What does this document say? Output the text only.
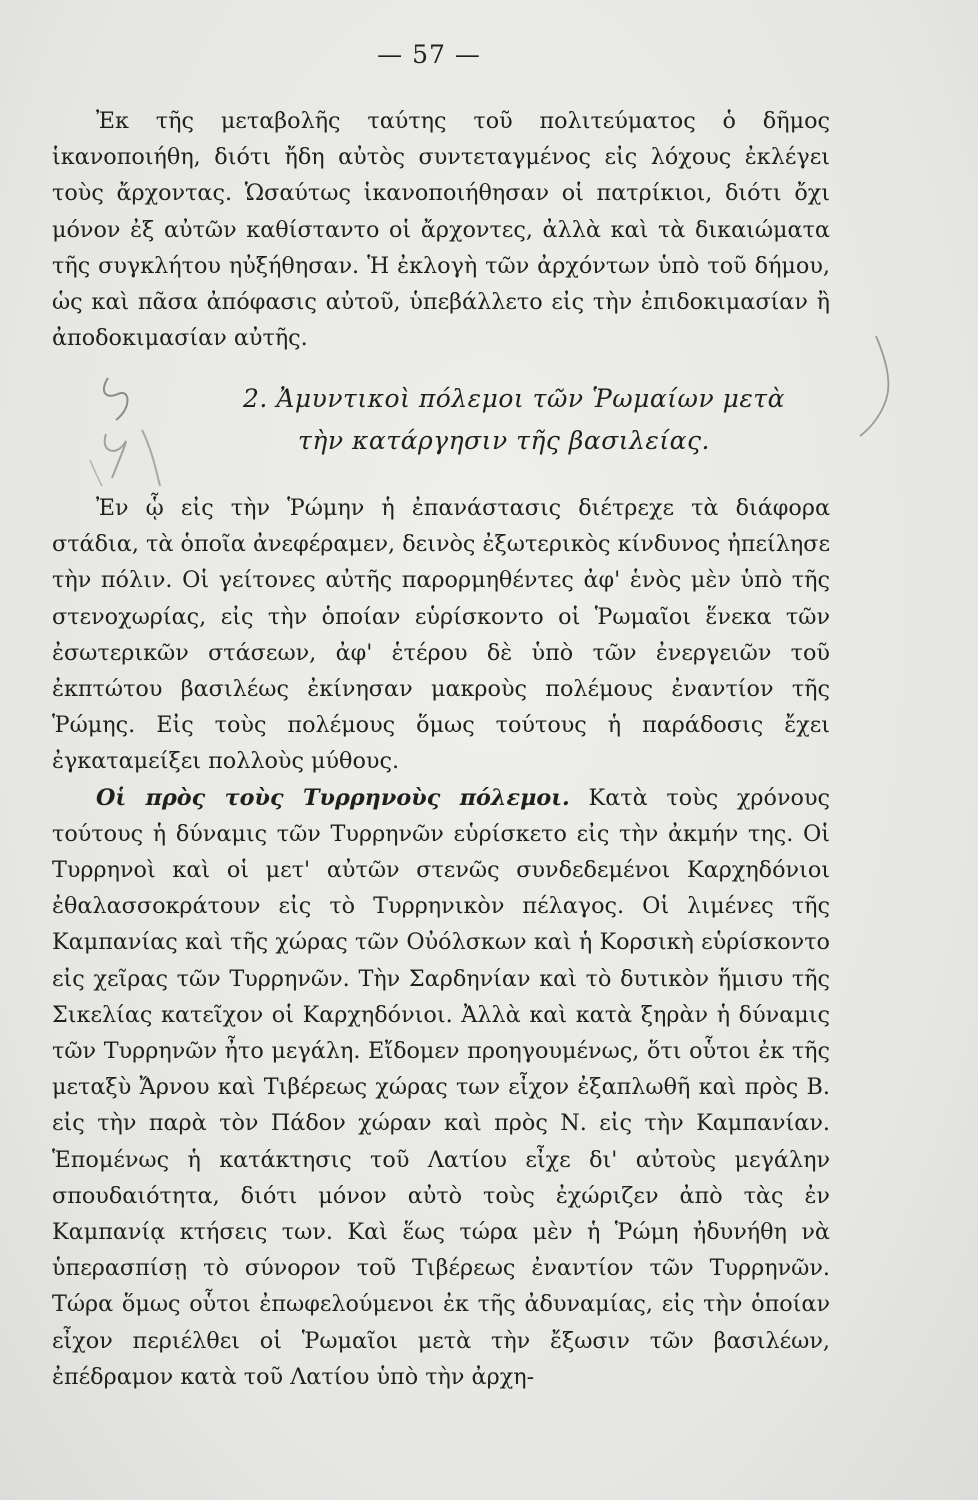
— 57 —

Ἐκ τῆς μεταβολῆς ταύτης τοῦ πολιτεύματος ὁ δῆμος ἱκανοποιήθη, διότι ἤδη αὐτὸς συντεταγμένος εἰς λόχους ἐκλέγει τοὺς ἄρχοντας. Ὡσαύτως ἱκανοποιήθησαν οἱ πατρίκιοι, διότι ὄχι μόνον ἐξ αὐτῶν καθίσταντο οἱ ἄρχοντες, ἀλλὰ καὶ τὰ δικαιώματα τῆς συγκλήτου ηὐξήθησαν. Ἡ ἐκλογὴ τῶν ἀρχόντων ὑπὸ τοῦ δήμου, ὡς καὶ πᾶσα ἀπόφασις αὐτοῦ, ὑπεβάλλετο εἰς τὴν ἐπιδοκιμασίαν ἢ ἀποδοκιμασίαν αὐτῆς.

2. Ἀμυντικοὶ πόλεμοι τῶν Ῥωμαίων μετὰ
τὴν κατάργησιν τῆς βασιλείας.

Ἐν ᾧ εἰς τὴν Ῥώμην ἡ ἐπανάστασις διέτρεχε τὰ διάφορα στάδια, τὰ ὁποῖα ἀνεφέραμεν, δεινὸς ἐξωτερικὸς κίνδυνος ἠπείλησε τὴν πόλιν. Οἱ γείτονες αὐτῆς παρορμηθέντες ἀφ' ἑνὸς μὲν ὑπὸ τῆς στενοχωρίας, εἰς τὴν ὁποίαν εὑρίσκοντο οἱ Ῥωμαῖοι ἕνεκα τῶν ἐσωτερικῶν στάσεων, ἀφ' ἑτέρου δὲ ὑπὸ τῶν ἐνεργειῶν τοῦ ἐκπτώτου βασιλέως ἐκίνησαν μακροὺς πολέμους ἐναντίον τῆς Ῥώμης. Εἰς τοὺς πολέμους ὅμως τούτους ἡ παράδοσις ἔχει ἐγκαταμείξει πολλοὺς μύθους.

Οἱ πρὸς τοὺς Τυρρηνοὺς πόλεμοι. Κατὰ τοὺς χρόνους τούτους ἡ δύναμις τῶν Τυρρηνῶν εὑρίσκετο εἰς τὴν ἀκμήν της. Οἱ Τυρρηνοὶ καὶ οἱ μετ' αὐτῶν στενῶς συνδεδεμένοι Καρχηδόνιοι ἐθαλασσοκράτουν εἰς τὸ Τυρρηνικὸν πέλαγος. Οἱ λιμένες τῆς Καμπανίας καὶ τῆς χώρας τῶν Οὐόλσκων καὶ ἡ Κορσικὴ εὑρίσκοντο εἰς χεῖρας τῶν Τυρρηνῶν. Τὴν Σαρδηνίαν καὶ τὸ δυτικὸν ἥμισυ τῆς Σικελίας κατεῖχον οἱ Καρχηδόνιοι. Ἀλλὰ καὶ κατὰ ξηρὰν ἡ δύναμις τῶν Τυρρηνῶν ἦτο μεγάλη. Εἴδομεν προηγουμένως, ὅτι οὗτοι ἐκ τῆς μεταξὺ Ἄρνου καὶ Τιβέρεως χώρας των εἶχον ἐξαπλωθῆ καὶ πρὸς Β. εἰς τὴν παρὰ τὸν Πάδον χώραν καὶ πρὸς Ν. εἰς τὴν Καμπανίαν. Ἑπομένως ἡ κατάκτησις τοῦ Λατίου εἶχε δι' αὐτοὺς μεγάλην σπουδαιότητα, διότι μόνον αὐτὸ τοὺς ἐχώριζεν ἀπὸ τὰς ἐν Καμπανίᾳ κτήσεις των. Καὶ ἕως τώρα μὲν ἡ Ῥώμη ἠδυνήθη νὰ ὑπερασπίσῃ τὸ σύνορον τοῦ Τιβέρεως ἐναντίον τῶν Τυρρηνῶν. Τώρα ὅμως οὗτοι ἐπωφελούμενοι ἐκ τῆς ἀδυναμίας, εἰς τὴν ὁποίαν εἶχον περιέλθει οἱ Ῥωμαῖοι μετὰ τὴν ἔξωσιν τῶν βασιλέων, ἐπέδραμον κατὰ τοῦ Λατίου ὑπὸ τὴν ἀρχη-
